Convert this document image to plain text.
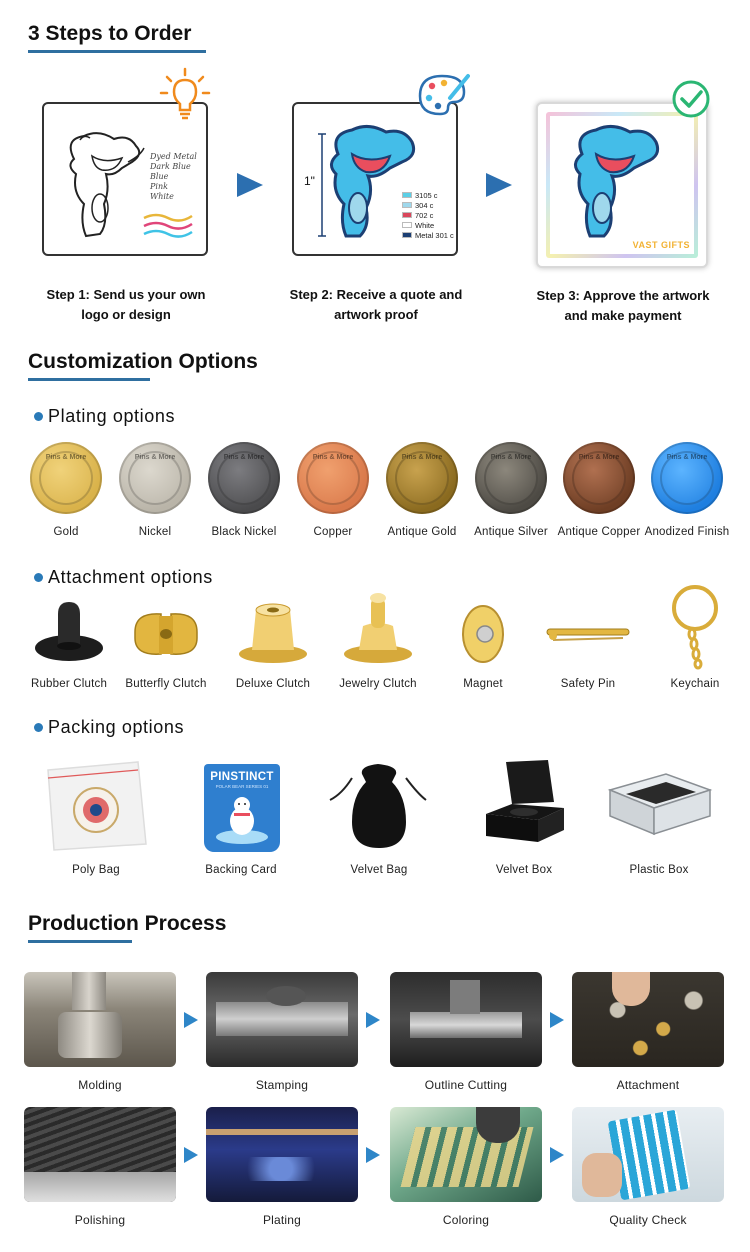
3 Steps to Order
Dyed Metal
Dark Blue
Blue
Pink
White
1"
3105 c
304 c
702 c
White
Metal 301 c
VAST GIFTS
Step 1: Send us your own
logo or design
Step 2: Receive a quote and
artwork proof
Step 3: Approve the artwork
and make payment
Customization Options
Plating options
Pins & More
Gold
Pins & More
Nickel
Pins & More
Black Nickel
Pins & More
Copper
Pins & More
Antique Gold
Pins & More
Antique Silver
Pins & More
Antique Copper
Pins & More
Anodized Finish
Attachment options
Rubber Clutch	Butterfly Clutch	Deluxe Clutch	Jewelry Clutch	Magnet	Safety Pin	Keychain
Packing options
Poly Bag
PINSTINCT
POLAR BEAR SERIES 01
Backing Card	Velvet Bag	Velvet Box	Plastic Box
Production Process
Molding	Stamping	Outline Cutting	Attachment
Polishing	Plating	Coloring	Quality Check
